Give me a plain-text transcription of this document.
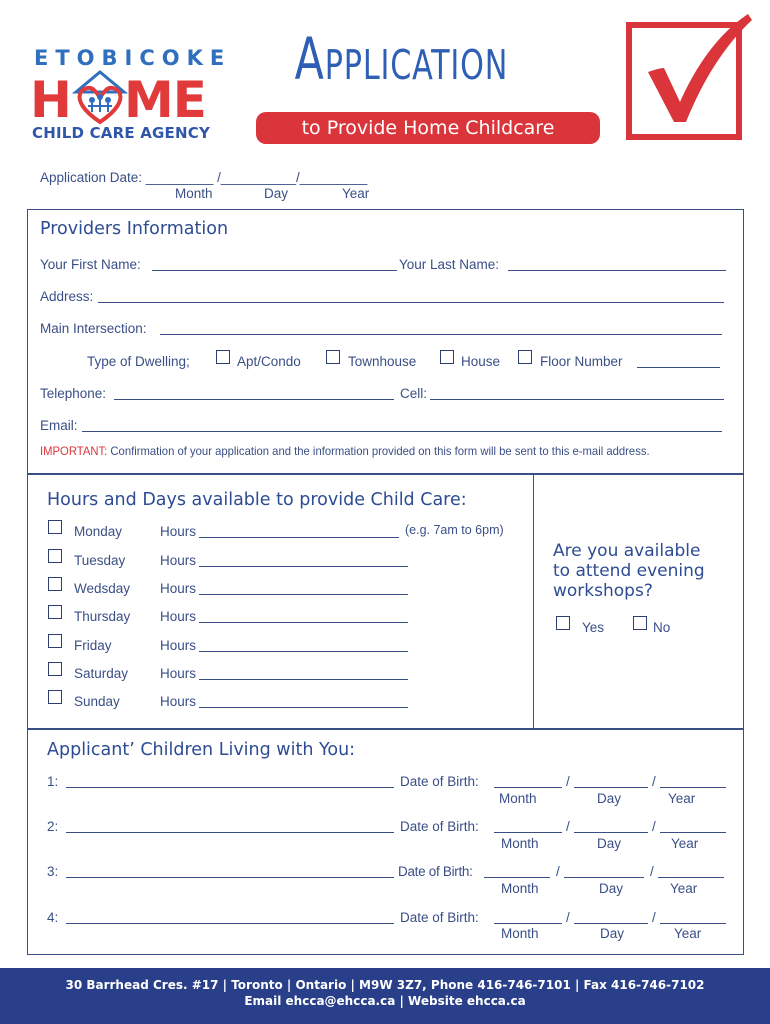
ETOBICOKE
H ME
CHILD CARE AGENCY
Application
to Provide Home Childcare
Application Date: _________ /__________/_________
Month	Day	Year
Providers Information
Your First Name:	Your Last Name:
Address:
Main Intersection:
Type of Dwelling;	Apt/Condo	Townhouse	House	Floor Number
Telephone:	Cell:
Email:
IMPORTANT: Confirmation of your application and the information provided on this form will be sent to this e-mail address.
Hours and Days available to provide Child Care:
Monday	Hours	(e.g. 7am to 6pm)
Tuesday	Hours
Wedsday Hours
Thursday Hours
Friday	Hours
Saturday Hours
Sunday	Hours
Are you available
to attend evening
workshops?
Yes	No
Applicant’ Children Living with You:
1:	Date of Birth:	/	/
Month	Day	Year
2:	Date of Birth:	/	/
Month	Day	Year
3:	Date of Birth:	/	/
Month	Day	Year
4:	Date of Birth:	/	/
Month	Day	Year
30 Barrhead Cres. #17 | Toronto | Ontario | M9W 3Z7, Phone 416-746-7101 | Fax 416-746-7102
Email ehcca@ehcca.ca | Website ehcca.ca
